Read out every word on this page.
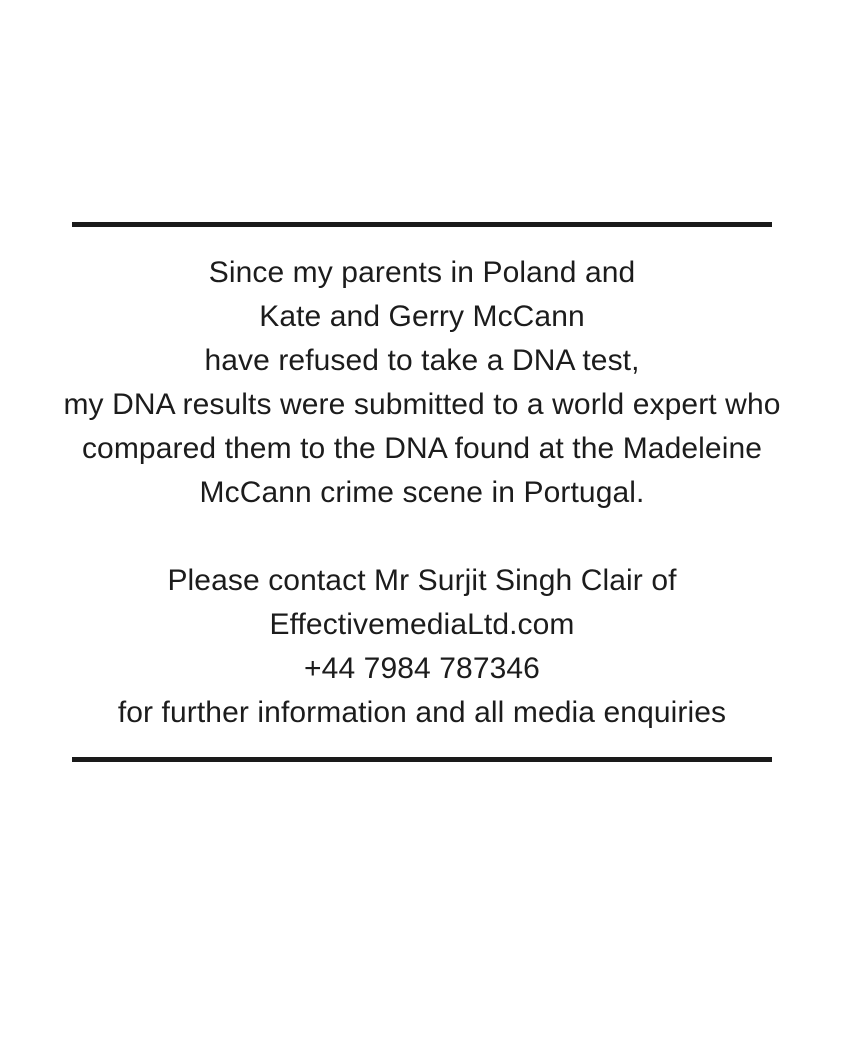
Since my parents in Poland and
Kate and Gerry McCann
have refused to take a DNA test,
my DNA results were submitted to a world expert who
compared them to the DNA found at the Madeleine
McCann crime scene in Portugal.

Please contact Mr Surjit Singh Clair of
EffectivemediaLtd.com
+44 7984 787346
for further information and all media enquiries
